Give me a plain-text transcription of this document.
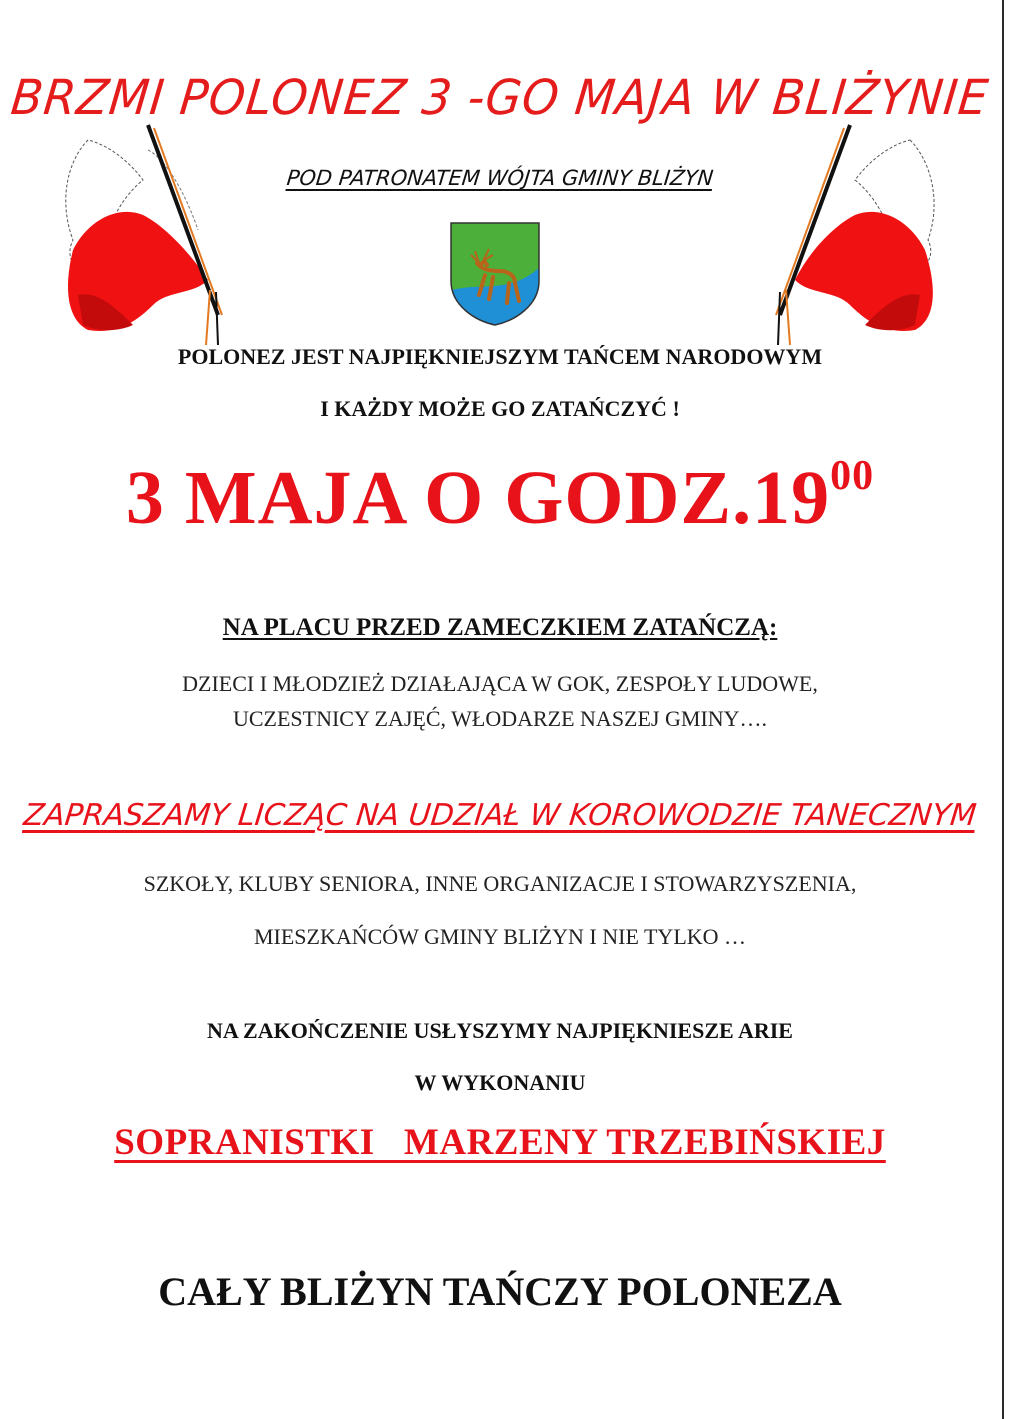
BRZMI POLONEZ 3 -GO MAJA W BLIŻYNIE
POD PATRONATEM WÓJTA GMINY BLIŻYN
POLONEZ JEST NAJPIĘKNIEJSZYM TAŃCEM NARODOWYM
I KAŻDY MOŻE GO ZATAŃCZYĆ !
3 MAJA O $GODZ.19^{00}$
NA PLACU PRZED ZAMECZKIEM ZATAŃCZĄ:
DZIECI I MŁODZIEŻ DZIAŁAJĄCA W GOK, ZESPOŁY LUDOWE,
UCZESTNICY ZAJĘĆ, WŁODARZE NASZEJ GMINY….
ZAPRASZAMY LICZĄC NA UDZIAŁ W KOROWODZIE TANECZNYM
SZKOŁY, KLUBY SENIORA, INNE ORGANIZACJE I STOWARZYSZENIA,
MIESZKAŃCÓW GMINY BLIŻYN I NIE TYLKO …
NA ZAKOŃCZENIE USŁYSZYMY NAJPIĘKNIESZE ARIE
W WYKONANIU
SOPRANISTKI   MARZENY TRZEBIŃSKIEJ
CAŁY BLIŻYN TAŃCZY POLONEZA
